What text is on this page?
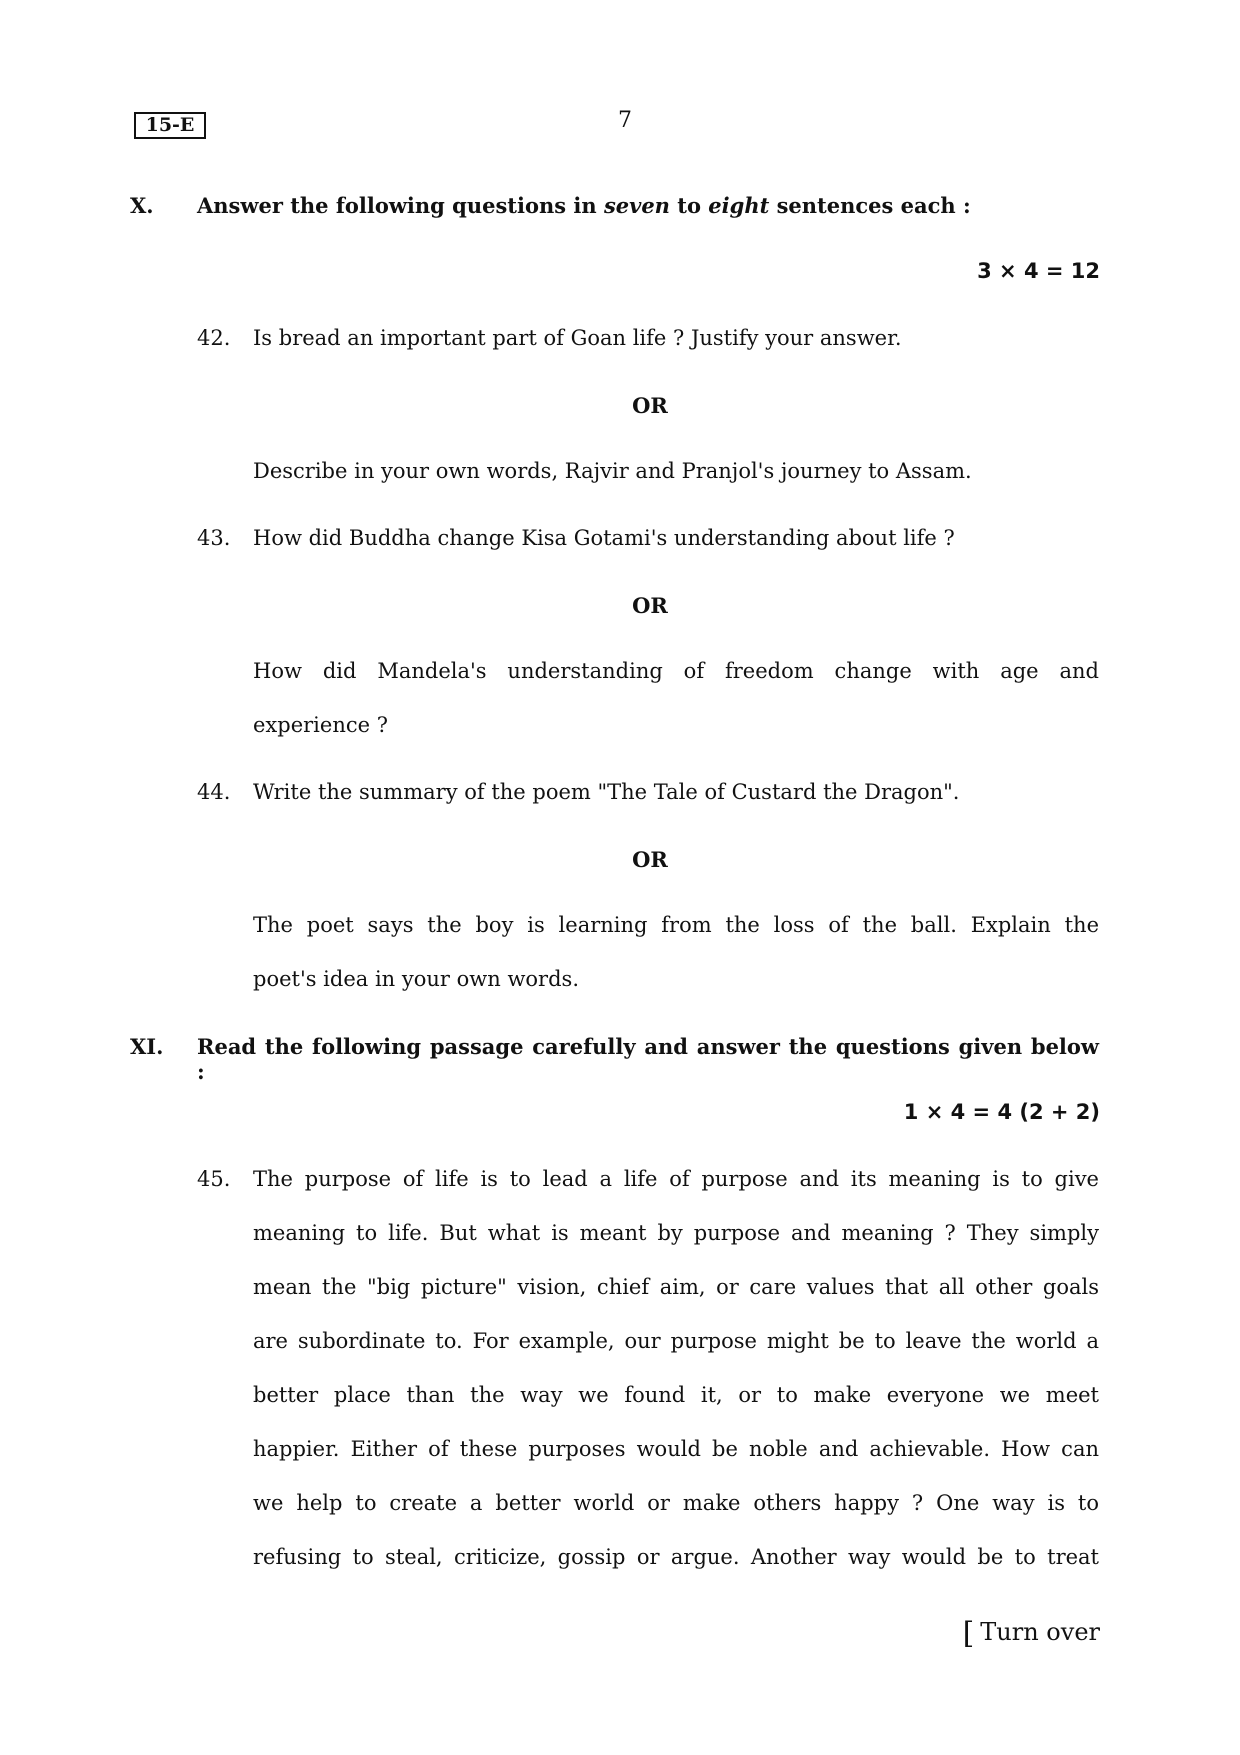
15-E	7
X. Answer the following questions in seven to eight sentences each :
3 × 4 = 12
42. Is bread an important part of Goan life ? Justify your answer.
OR
Describe in your own words, Rajvir and Pranjol's journey to Assam.
43. How did Buddha change Kisa Gotami's understanding about life ?
OR
How did Mandela's understanding of freedom change with age and
experience ?
44. Write the summary of the poem "The Tale of Custard the Dragon".
OR
The poet says the boy is learning from the loss of the ball. Explain the
poet's idea in your own words.
XI. Read the following passage carefully and answer the questions given below :
1 × 4 = 4 (2 + 2)
45. The purpose of life is to lead a life of purpose and its meaning is to give
meaning to life. But what is meant by purpose and meaning ? They simply
mean the "big picture" vision, chief aim, or care values that all other goals
are subordinate to. For example, our purpose might be to leave the world a
better place than the way we found it, or to make everyone we meet
happier. Either of these purposes would be noble and achievable. How can
we help to create a better world or make others happy ? One way is to
refusing to steal, criticize, gossip or argue. Another way would be to treat
[ Turn over
